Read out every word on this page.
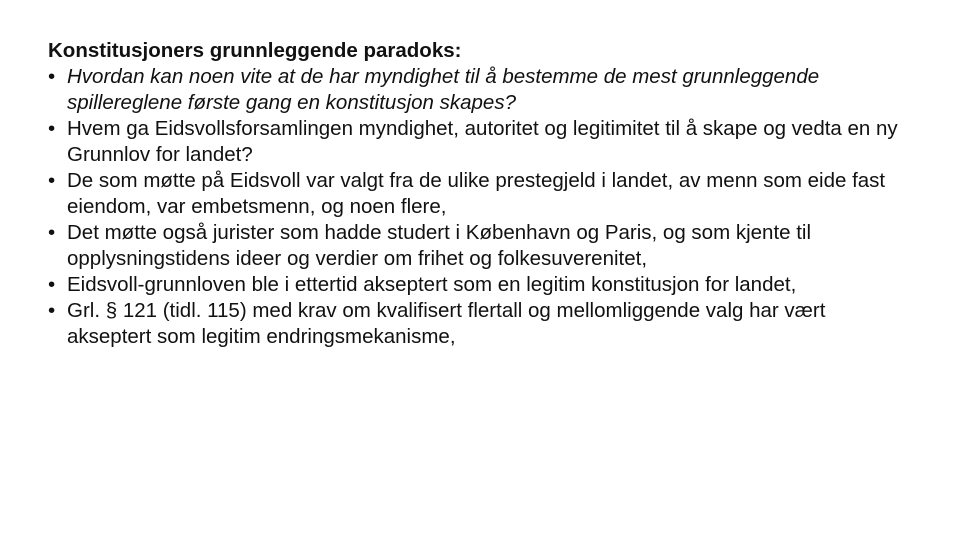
Konstitusjoners grunnleggende paradoks:
• Hvordan kan noen vite at de har myndighet til å bestemme de mest grunnleggende spillereglene første gang en konstitusjon skapes?
• Hvem ga Eidsvollsforsamlingen myndighet, autoritet og legitimitet til å skape og vedta en ny Grunnlov for landet?
• De som møtte på Eidsvoll var valgt fra de ulike prestegjeld i landet, av menn som eide fast eiendom, var embetsmenn, og noen flere,
• Det møtte også jurister som hadde studert i København og Paris, og som kjente til opplysningstidens ideer og verdier om frihet og folkesuverenitet,
• Eidsvoll-grunnloven ble i ettertid akseptert som en legitim konstitusjon for landet,
• Grl. § 121 (tidl. 115) med krav om kvalifisert flertall og mellomliggende valg har vært akseptert som legitim endringsmekanisme,
